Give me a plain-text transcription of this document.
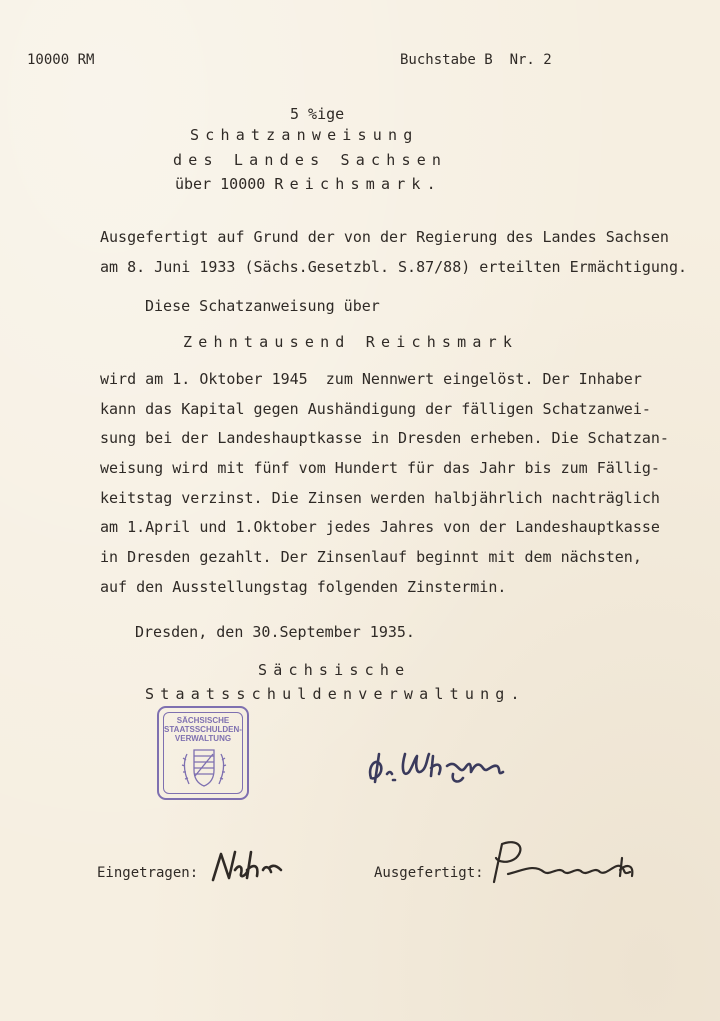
10000 RM	Buchstabe B  Nr. 2
5 %ige
Schatzanweisung
des Landes Sachsen
über 10000 Reichsmark.
Ausgefertigt auf Grund der von der Regierung des Landes Sachsen
am 8. Juni 1933 (Sächs.Gesetzbl. S.87/88) erteilten Ermächtigung.
Diese Schatzanweisung über
Zehntausend Reichsmark
wird am 1. Oktober 1945  zum Nennwert eingelöst. Der Inhaber
kann das Kapital gegen Aushändigung der fälligen Schatzanwei-
sung bei der Landeshauptkasse in Dresden erheben. Die Schatzan-
weisung wird mit fünf vom Hundert für das Jahr bis zum Fällig-
keitstag verzinst. Die Zinsen werden halbjährlich nachträglich
am 1.April und 1.Oktober jedes Jahres von der Landeshauptkasse
in Dresden gezahlt. Der Zinsenlauf beginnt mit dem nächsten,
auf den Ausstellungstag folgenden Zinstermin.
Dresden, den 30.September 1935.
Sächsische
Staatsschuldenverwaltung.
SÄCHSISCHE
STAATSSCHULDEN-
VERWALTUNG
Eingetragen:	Ausgefertigt:
